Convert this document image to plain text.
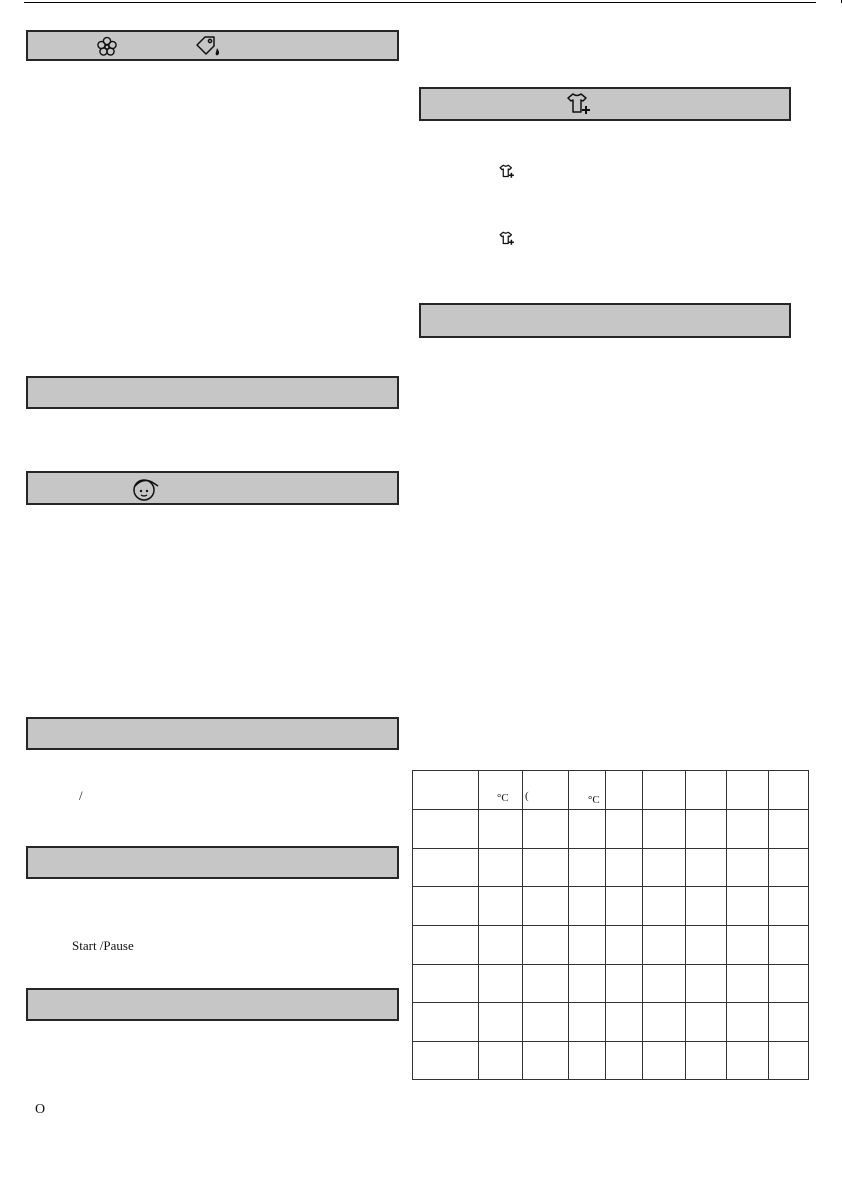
/
Start /Pause
O
°C (	°C
